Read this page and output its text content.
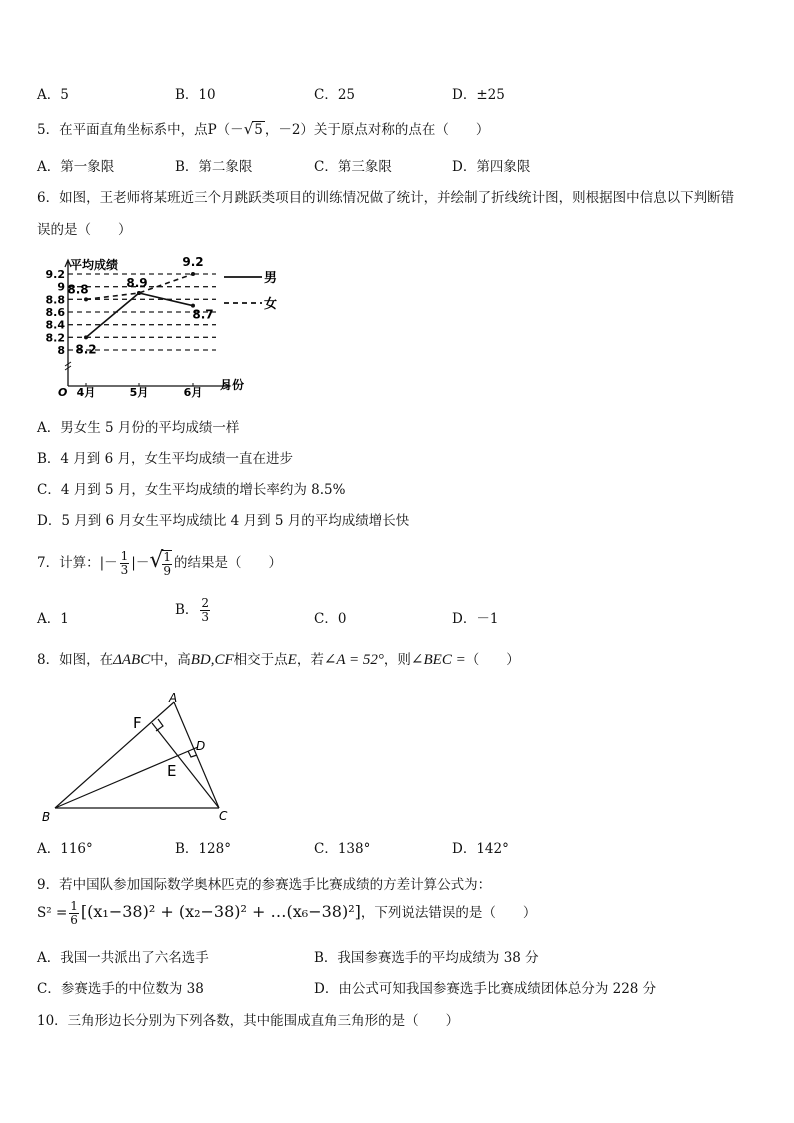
A．5	B．10	C．25	D．±25
5．在平面直角坐标系中，点P（－√5 ，－2）关于原点对称的点在（　　）
A．第一象限	B．第二象限	C．第三象限	D．第四象限
6．如图，王老师将某班近三个月跳跃类项目的训练情况做了统计，并绘制了折线统计图，则根据图中信息以下判断错
误的是（　　）
8
8.2
8.4
8.6
8.8
9
9.2
4月	5月	6月
O
月份
平均成绩
8.2
8.9
8.7
8.8
9.2
男
女
A．男女生 5 月份的平均成绩一样
B．4 月到 6 月，女生平均成绩一直在进步
C．4 月到 5 月，女生平均成绩的增长率约为 8.5%
D．5 月到 6 月女生平均成绩比 4 月到 5 月的平均成绩增长快
7．计算：|－ $\frac{1}{3}$ |－√ $\frac{1}{9}$ 的结果是（　　）
A．1
B． $\frac{2}{3}$	C．0	D．－1
8．如图，在ΔABC中，高BD,CF相交于点E，若∠A = 52°，则∠BEC =（　　）
A
B	C
D
E
F
A．116°	B．128°	C．138°	D．142°
9．若中国队参加国际数学奥林匹克的参赛选手比赛成绩的方差计算公式为：
$S^2 = \frac{1}{6} [(x_1-38)^2 + (x_2-38)^2$ + …(x₆−38)²]，下列说法错误的是（　　）
A．我国一共派出了六名选手	B．我国参赛选手的平均成绩为 38 分
C．参赛选手的中位数为 38	D．由公式可知我国参赛选手比赛成绩团体总分为 228 分
10．三角形边长分别为下列各数，其中能围成直角三角形的是（　　）
